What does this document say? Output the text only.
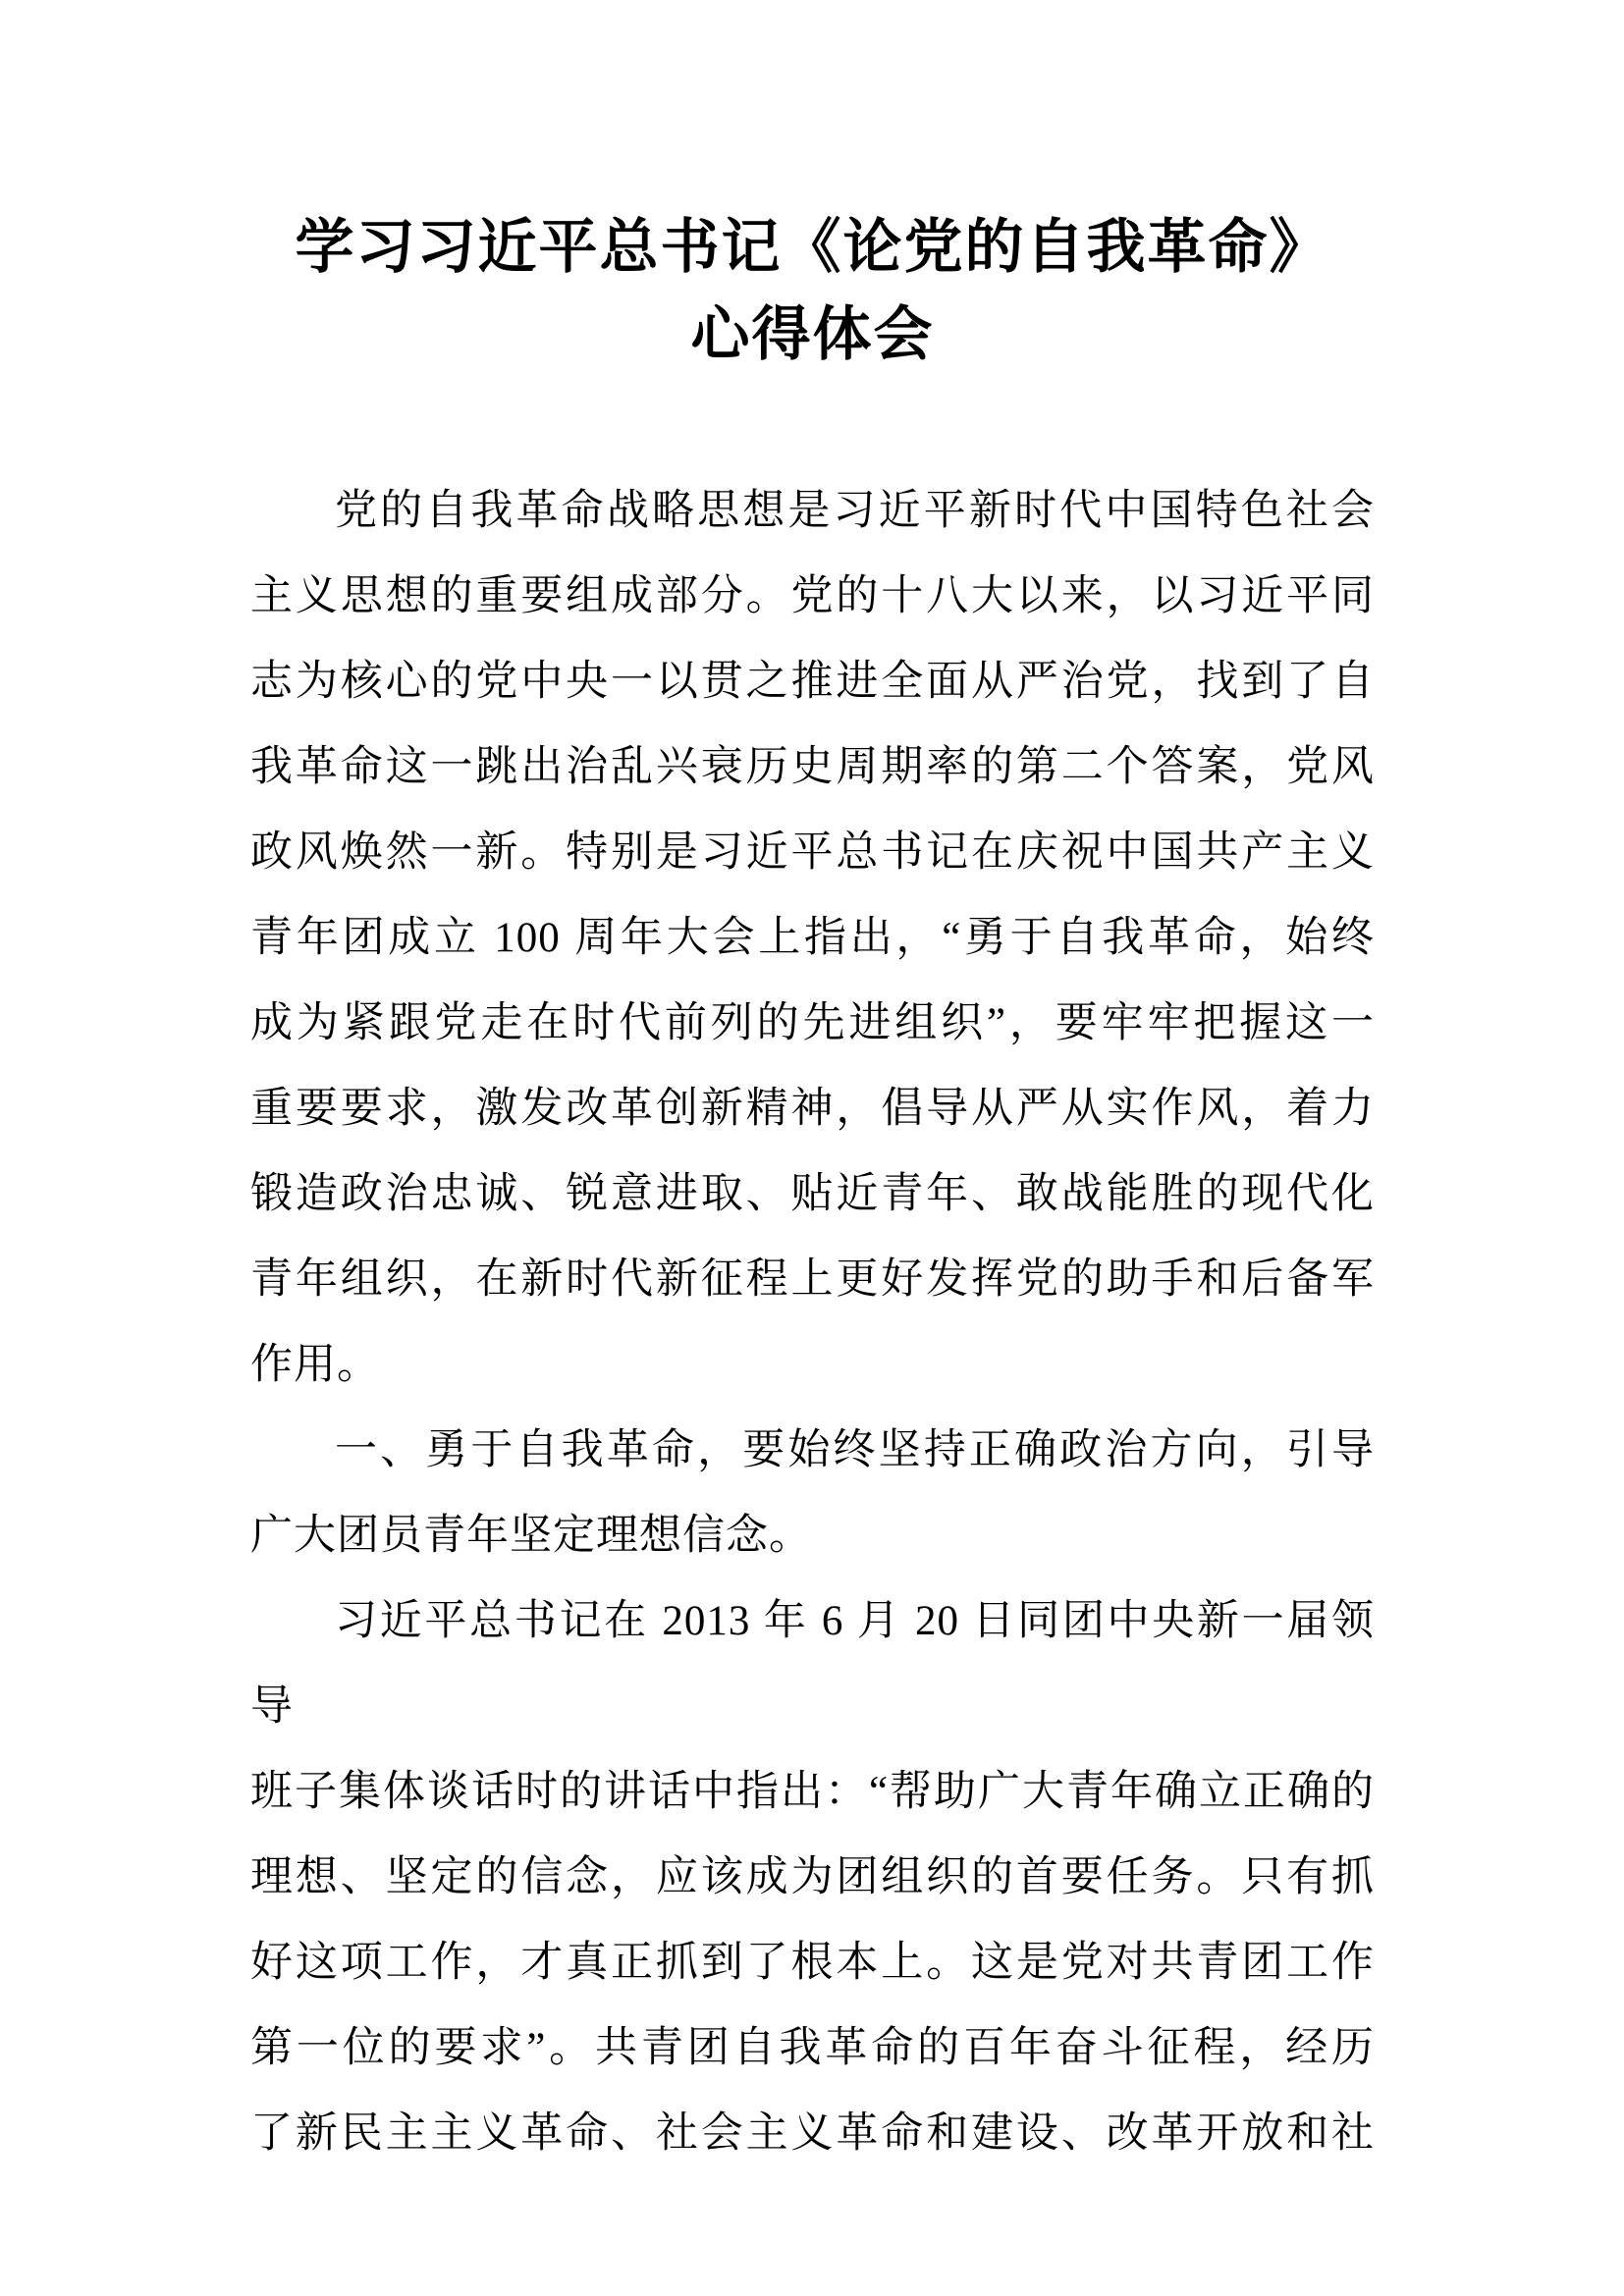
学习习近平总书记《论党的自我革命》
心得体会
党的自我革命战略思想是习近平新时代中国特色社会
主义思想的重要组成部分。党的十八大以来，以习近平同
志为核心的党中央一以贯之推进全面从严治党，找到了自
我革命这一跳出治乱兴衰历史周期率的第二个答案，党风
政风焕然一新。特别是习近平总书记在庆祝中国共产主义
青年团成立 100 周年大会上指出，“勇于自我革命，始终
成为紧跟党走在时代前列的先进组织”，要牢牢把握这一
重要要求，激发改革创新精神，倡导从严从实作风，着力
锻造政治忠诚、锐意进取、贴近青年、敢战能胜的现代化
青年组织，在新时代新征程上更好发挥党的助手和后备军
作用。
一、勇于自我革命，要始终坚持正确政治方向，引导
广大团员青年坚定理想信念。
习近平总书记在 2013 年 6 月 20 日同团中央新一届领导
班子集体谈话时的讲话中指出：“帮助广大青年确立正确的
理想、坚定的信念，应该成为团组织的首要任务。只有抓
好这项工作，才真正抓到了根本上。这是党对共青团工作
第一位的要求”。共青团自我革命的百年奋斗征程，经历
了新民主主义革命、社会主义革命和建设、改革开放和社
